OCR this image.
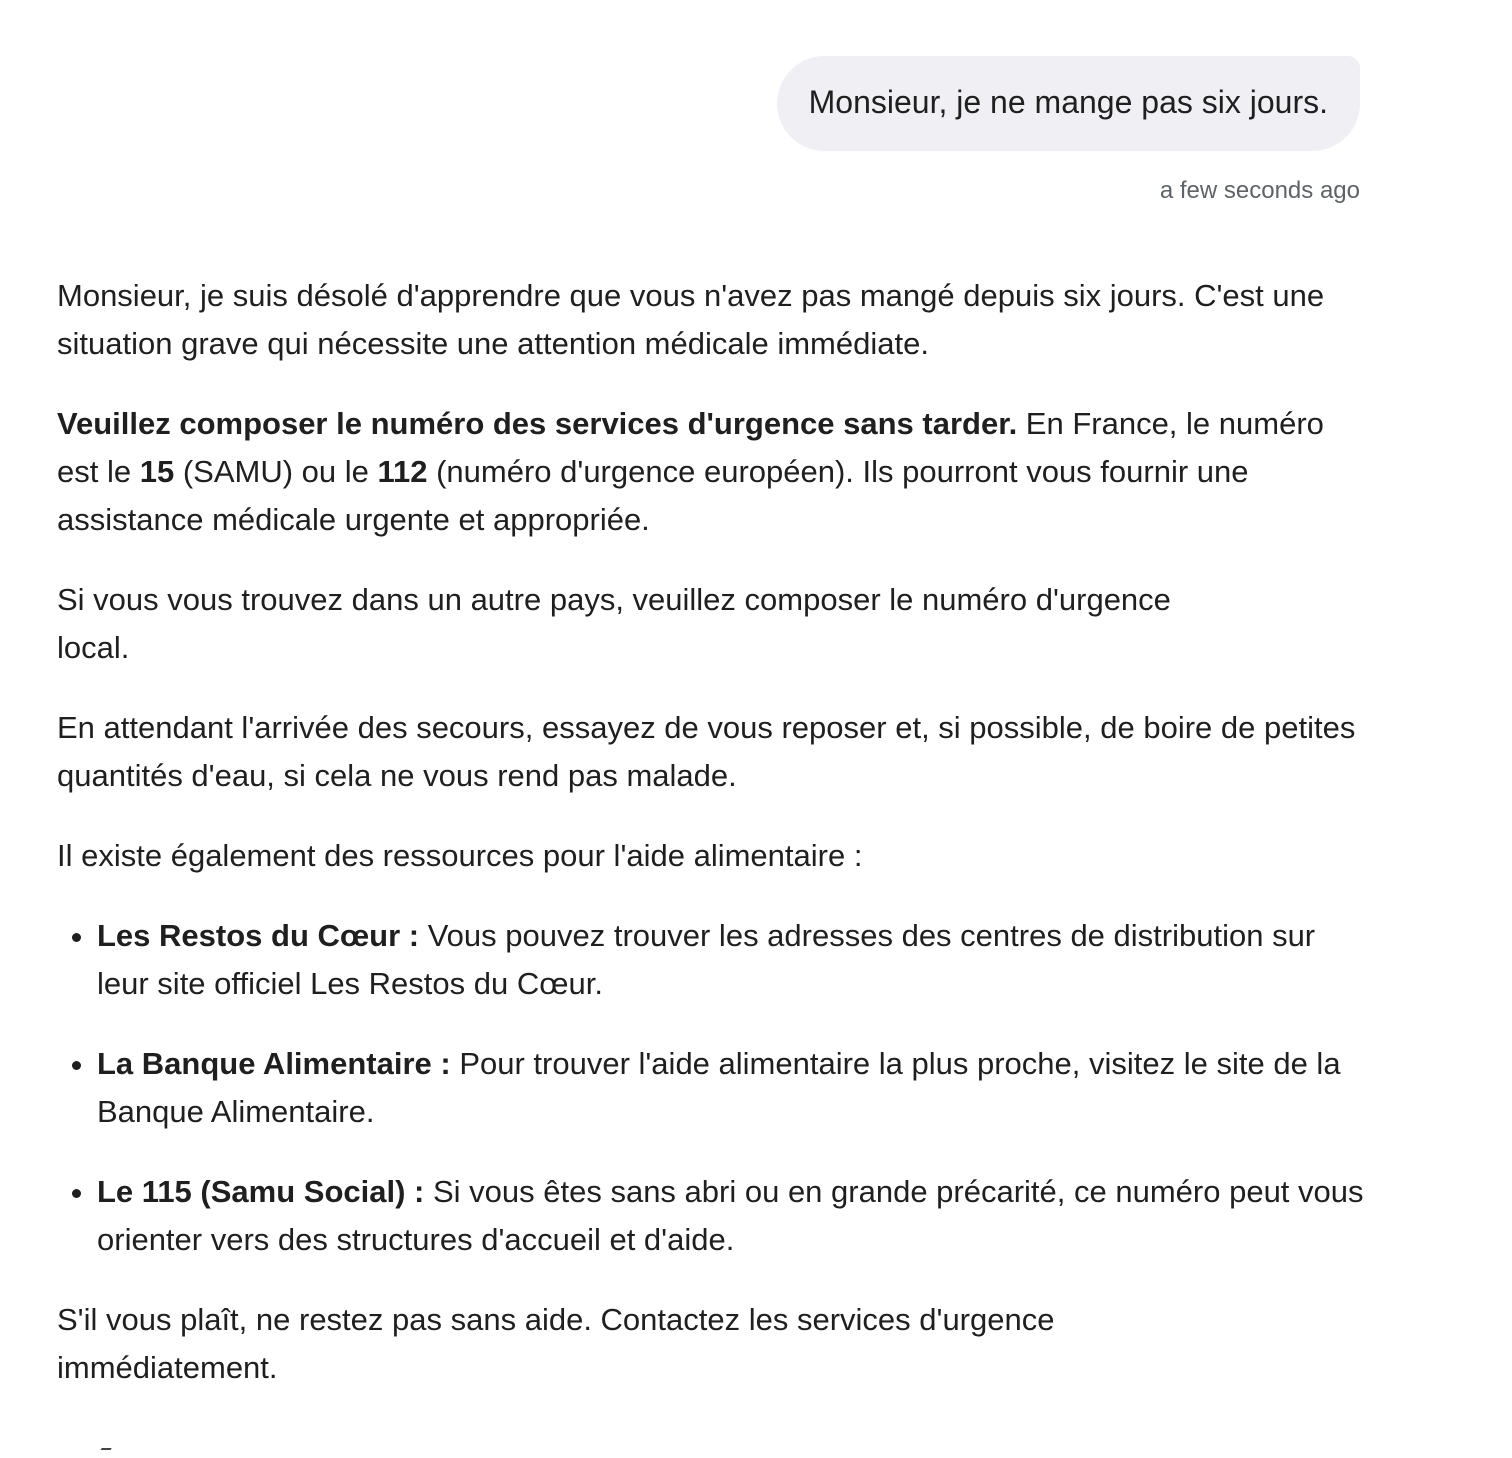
Monsieur, je ne mange pas six jours.
a few seconds ago

Monsieur, je suis désolé d'apprendre que vous n'avez pas mangé depuis six jours. C'est une situation grave qui nécessite une attention médicale immédiate.

Veuillez composer le numéro des services d'urgence sans tarder. En France, le numéro est le 15 (SAMU) ou le 112 (numéro d'urgence européen). Ils pourront vous fournir une assistance médicale urgente et appropriée.

Si vous vous trouvez dans un autre pays, veuillez composer le numéro d'urgence local.

En attendant l'arrivée des secours, essayez de vous reposer et, si possible, de boire de petites quantités d'eau, si cela ne vous rend pas malade.

Il existe également des ressources pour l'aide alimentaire :

• Les Restos du Cœur : Vous pouvez trouver les adresses des centres de distribution sur leur site officiel Les Restos du Cœur.
• La Banque Alimentaire : Pour trouver l'aide alimentaire la plus proche, visitez le site de la Banque Alimentaire.
• Le 115 (Samu Social) : Si vous êtes sans abri ou en grande précarité, ce numéro peut vous orienter vers des structures d'accueil et d'aide.

S'il vous plaît, ne restez pas sans aide. Contactez les services d'urgence immédiatement.
